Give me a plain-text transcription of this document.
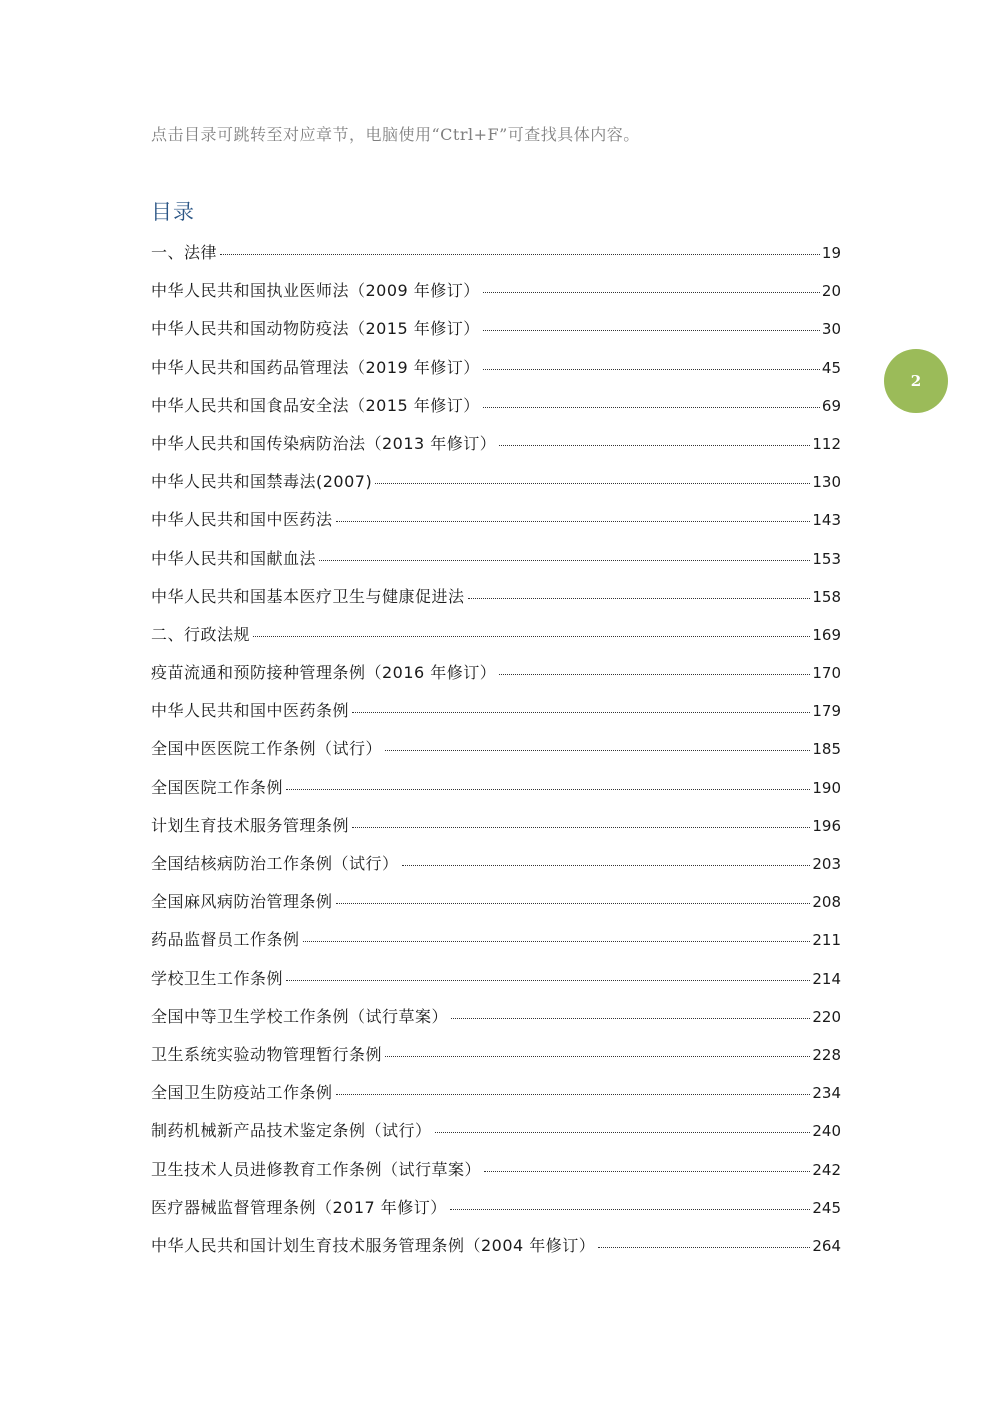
点击目录可跳转至对应章节，电脑使用“Ctrl+F”可查找具体内容。
目录
2
一、法律	19
中华人民共和国执业医师法（2009 年修订）	20
中华人民共和国动物防疫法（2015 年修订）	30
中华人民共和国药品管理法（2019 年修订）	45
中华人民共和国食品安全法（2015 年修订）	69
中华人民共和国传染病防治法（2013 年修订）	112
中华人民共和国禁毒法(2007)	130
中华人民共和国中医药法	143
中华人民共和国献血法	153
中华人民共和国基本医疗卫生与健康促进法	158
二、行政法规	169
疫苗流通和预防接种管理条例（2016 年修订）	170
中华人民共和国中医药条例	179
全国中医医院工作条例（试行）	185
全国医院工作条例	190
计划生育技术服务管理条例	196
全国结核病防治工作条例（试行）	203
全国麻风病防治管理条例	208
药品监督员工作条例	211
学校卫生工作条例	214
全国中等卫生学校工作条例（试行草案）	220
卫生系统实验动物管理暂行条例	228
全国卫生防疫站工作条例	234
制药机械新产品技术鉴定条例（试行）	240
卫生技术人员进修教育工作条例（试行草案）	242
医疗器械监督管理条例（2017 年修订）	245
中华人民共和国计划生育技术服务管理条例（2004 年修订）	264
